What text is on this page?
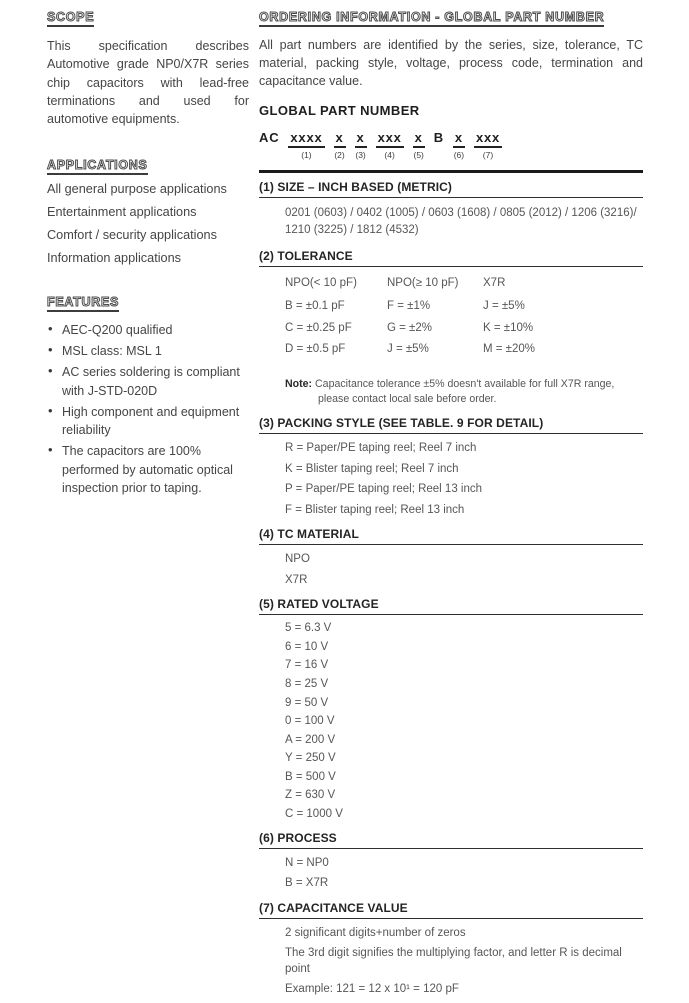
SCOPE

This specification describes Automotive grade NP0/X7R series chip capacitors with lead-free terminations and used for automotive equipments.

APPLICATIONS
All general purpose applications
Entertainment applications
Comfort / security applications
Information applications
FEATURES
• AEC-Q200 qualified
• MSL class: MSL 1
• AC series soldering is compliant with J-STD-020D
• High component and equipment reliability
• The capacitors are 100% performed by automatic optical inspection prior to taping.
ORDERING INFORMATION - GLOBAL PART NUMBER

All part numbers are identified by the series, size, tolerance, TC material, packing style, voltage, process code, termination and capacitance value.

GLOBAL PART NUMBER
AC xxxx
(1)
x
(2)
x
(3)
xxx
(4)
x
(5)
B x
(6)
xxx
(7)
(1) SIZE – INCH BASED (METRIC)
0201 (0603) / 0402 (1005) / 0603 (1608) / 0805 (2012) / 1206 (3216)/ 1210 (3225) / 1812 (4532)
(2) TOLERANCE
NPO(< 10 pF)
B = ±0.1 pF
C = ±0.25 pF
D = ±0.5 pF
NPO(≥ 10 pF)
F = ±1%
G = ±2%
J = ±5%
X7R
J = ±5%
K = ±10%
M = ±20%
Note: Capacitance tolerance ±5% doesn't available for full X7R range,
please contact local sale before order.
(3) PACKING STYLE (SEE TABLE. 9 FOR DETAIL)
R = Paper/PE taping reel; Reel 7 inch
K = Blister taping reel; Reel 7 inch
P = Paper/PE taping reel; Reel 13 inch
F = Blister taping reel; Reel 13 inch
(4) TC MATERIAL
NPO
X7R
(5) RATED VOLTAGE
5 = 6.3 V
6 = 10 V
7 = 16 V
8 = 25 V
9 = 50 V
0 = 100 V
A = 200 V
Y = 250 V
B = 500 V
Z = 630 V
C = 1000 V
(6) PROCESS
N = NP0
B = X7R
(7) CAPACITANCE VALUE
2 significant digits+number of zeros
The 3rd digit signifies the multiplying factor, and letter R is decimal point
Example: 121 = 12 x 10¹ = 120 pF
